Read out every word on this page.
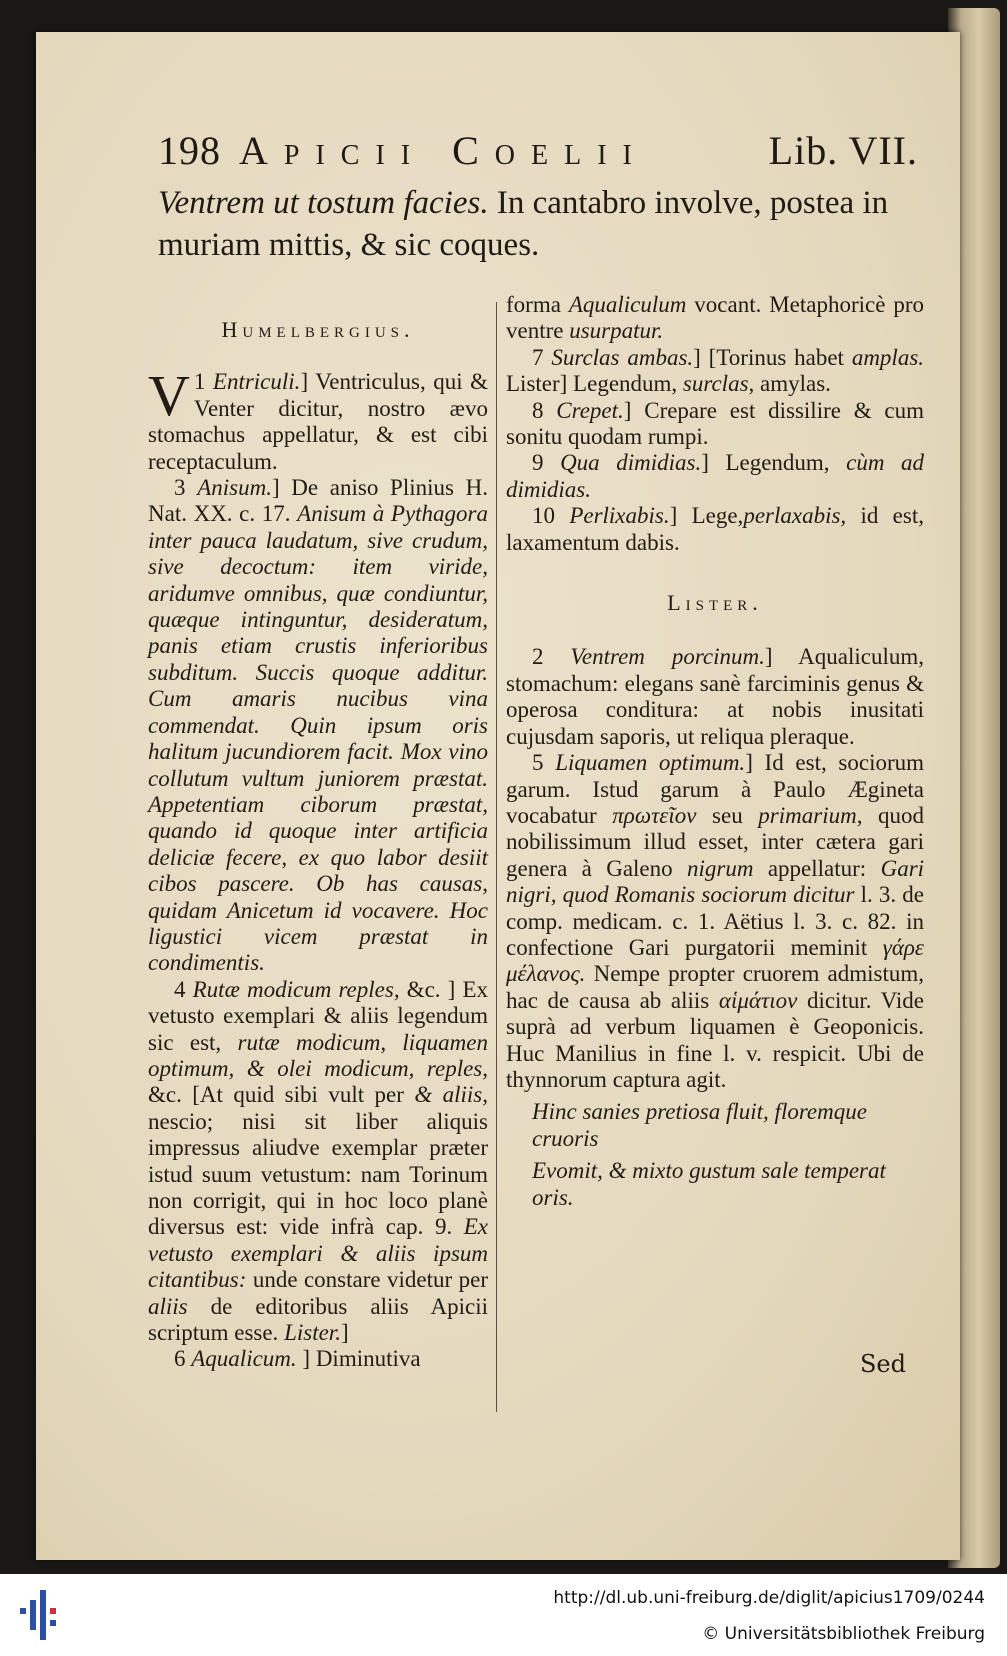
198 Apicii Coelii	Lib. VII.
Ventrem ut tostum facies. In cantabro involve, postea in muriam mittis, & sic coques.

Humelbergius.

1
V Entriculi.] Ventriculus, qui & Venter dicitur, nostro ævo stomachus appellatur, & est cibi receptaculum.

3 Anisum.] De aniso Plinius H. Nat. XX. c. 17. Anisum à Pythagora inter pauca laudatum, sive crudum, sive decoctum: item viride, aridumve omnibus, quæ condiuntur, quæque intinguntur, desideratum, panis etiam crustis inferioribus subditum. Succis quoque additur. Cum amaris nucibus vina commendat. Quin ipsum oris halitum jucundiorem facit. Mox vino collutum vultum juniorem præstat. Appetentiam ciborum præstat, quando id quoque inter artificia deliciæ fecere, ex quo labor desiit cibos pascere. Ob has causas, quidam Anicetum id vocavere. Hoc ligustici vicem præstat in condimentis.

4 Rutæ modicum reples, &c. ] Ex vetusto exemplari & aliis legendum sic est, rutæ modicum, liquamen optimum, & olei modicum, reples, &c. [At quid sibi vult per & aliis, nescio; nisi sit liber aliquis impressus aliudve exemplar præter istud suum vetustum: nam Torinum non corrigit, qui in hoc loco planè diversus est: vide infrà cap. 9. Ex vetusto exemplari & aliis ipsum citantibus: unde constare videtur per aliis de editoribus aliis Apicii scriptum esse. Lister.]

6 Aqualicum. ] Diminutiva

forma Aqualiculum vocant. Metaphoricè pro ventre usurpatur.

7 Surclas ambas.] [Torinus habet amplas. Lister] Legendum, surclas, amylas.

8 Crepet.] Crepare est dissilire & cum sonitu quodam rumpi.

9 Qua dimidias.] Legendum, cùm ad dimidias.

10 Perlixabis.] Lege,perlaxabis, id est, laxamentum dabis.

Lister.

2 Ventrem porcinum.] Aqualiculum, stomachum: elegans sanè farciminis genus & operosa conditura: at nobis inusitati cujusdam saporis, ut reliqua pleraque.

5 Liquamen optimum.] Id est, sociorum garum. Istud garum à Paulo Ægineta vocabatur πρωτεῖον seu primarium, quod nobilissimum illud esset, inter cætera gari genera à Galeno nigrum appellatur: Gari nigri, quod Romanis sociorum dicitur l. 3. de comp. medicam. c. 1. Aëtius l. 3. c. 82. in confectione Gari purgatorii meminit γάρε μέλανος. Nempe propter cruorem admistum, hac de causa ab aliis αἱμάτιον dicitur. Vide suprà ad verbum liquamen è Geoponicis. Huc Manilius in fine l. v. respicit. Ubi de thynnorum captura agit.

Hinc sanies pretiosa fluit, floremque cruoris

Evomit, & mixto gustum sale temperat oris.

Sed
http://dl.ub.uni-freiburg.de/diglit/apicius1709/0244
© Universitätsbibliothek Freiburg
